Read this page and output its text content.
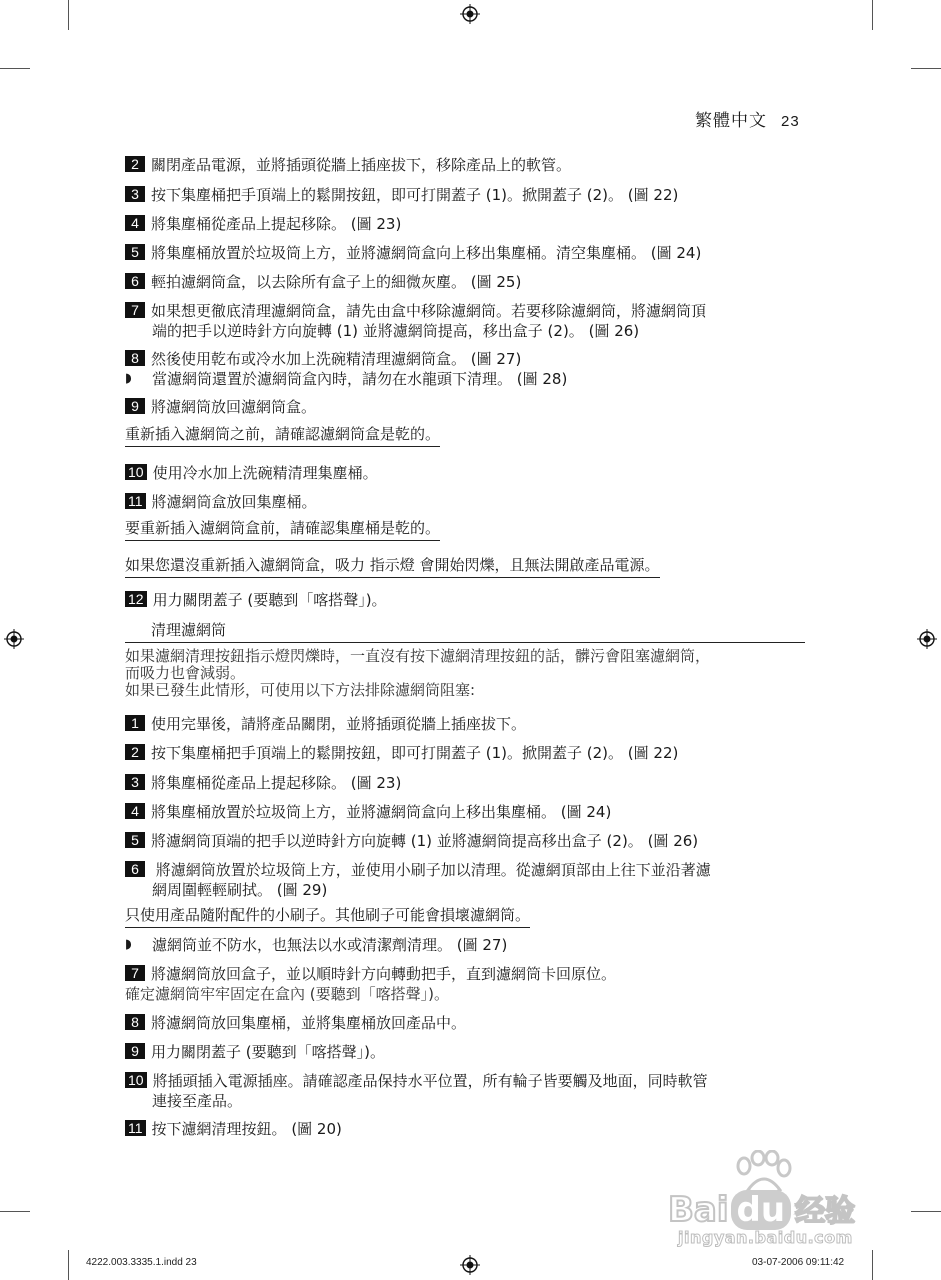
繁體中文 23
2 關閉產品電源，並將插頭從牆上插座拔下，移除產品上的軟管。
3 按下集塵桶把手頂端上的鬆開按鈕，即可打開蓋子 (1)。掀開蓋子 (2)。 (圖 22)
4 將集塵桶從產品上提起移除。 (圖 23)
5 將集塵桶放置於垃圾筒上方，並將濾網筒盒向上移出集塵桶。清空集塵桶。 (圖 24)
6 輕拍濾網筒盒，以去除所有盒子上的細微灰塵。 (圖 25)
7 如果想更徹底清理濾網筒盒，請先由盒中移除濾網筒。若要移除濾網筒，將濾網筒頂
端的把手以逆時針方向旋轉 (1) 並將濾網筒提高，移出盒子 (2)。 (圖 26)
8 然後使用乾布或冷水加上洗碗精清理濾網筒盒。 (圖 27)
◗ 當濾網筒還置於濾網筒盒內時，請勿在水龍頭下清理。 (圖 28)
9 將濾網筒放回濾網筒盒。
重新插入濾網筒之前，請確認濾網筒盒是乾的。
10 使用冷水加上洗碗精清理集塵桶。
11 將濾網筒盒放回集塵桶。
要重新插入濾網筒盒前，請確認集塵桶是乾的。
如果您還沒重新插入濾網筒盒，吸力 指示燈 會開始閃爍，且無法開啟產品電源。
12 用力關閉蓋子 (要聽到「喀搭聲」)。
清理濾網筒
如果濾網清理按鈕指示燈閃爍時，一直沒有按下濾網清理按鈕的話，髒污會阻塞濾網筒，
而吸力也會減弱。
如果已發生此情形，可使用以下方法排除濾網筒阻塞:
1 使用完畢後，請將產品關閉，並將插頭從牆上插座拔下。
2 按下集塵桶把手頂端上的鬆開按鈕，即可打開蓋子 (1)。掀開蓋子 (2)。 (圖 22)
3 將集塵桶從產品上提起移除。 (圖 23)
4 將集塵桶放置於垃圾筒上方，並將濾網筒盒向上移出集塵桶。 (圖 24)
5 將濾網筒頂端的把手以逆時針方向旋轉 (1) 並將濾網筒提高移出盒子 (2)。 (圖 26)
6 將濾網筒放置於垃圾筒上方，並使用小刷子加以清理。從濾網頂部由上往下並沿著濾
網周圍輕輕刷拭。 (圖 29)
只使用產品隨附配件的小刷子。其他刷子可能會損壞濾網筒。
◗ 濾網筒並不防水，也無法以水或清潔劑清理。 (圖 27)
7 將濾網筒放回盒子，並以順時針方向轉動把手，直到濾網筒卡回原位。
確定濾網筒牢牢固定在盒內 (要聽到「喀搭聲」)。
8 將濾網筒放回集塵桶，並將集塵桶放回產品中。
9 用力關閉蓋子 (要聽到「喀搭聲」)。
10 將插頭插入電源插座。請確認產品保持水平位置，所有輪子皆要觸及地面，同時軟管
連接至產品。
11 按下濾網清理按鈕。 (圖 20)
Bai du 经验
jingyan.baidu.com
4222.003.3335.1.indd 23	03-07-2006 09:11:42
